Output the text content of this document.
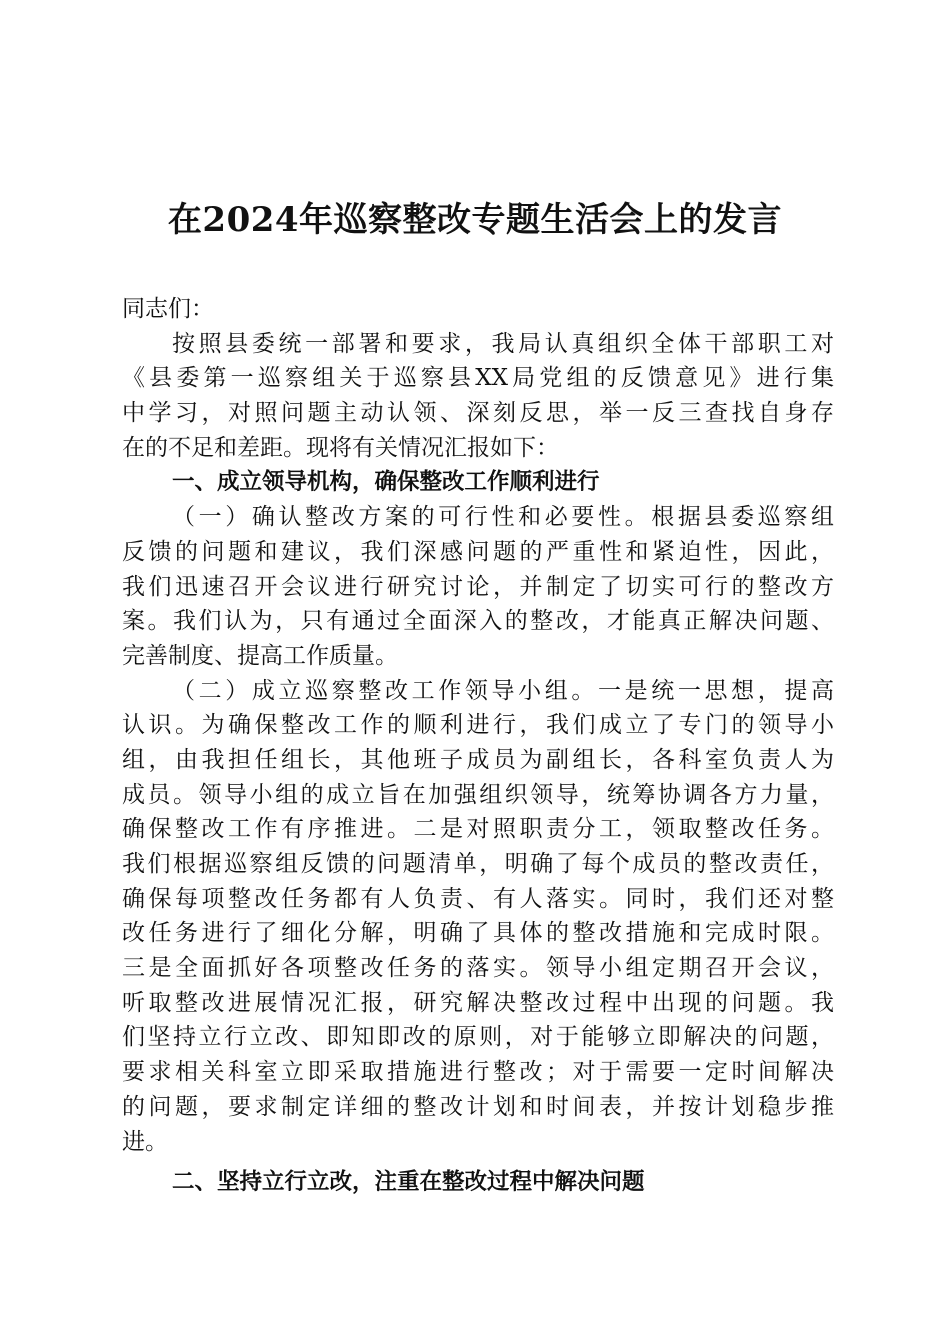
在2024年巡察整改专题生活会上的发言
同志们：
按照县委统一部署和要求，我局认真组织全体干部职工对
《县委第一巡察组关于巡察县XX局党组的反馈意见》进行集
中学习，对照问题主动认领、深刻反思，举一反三查找自身存
在的不足和差距。现将有关情况汇报如下：
一、成立领导机构，确保整改工作顺利进行
（一）确认整改方案的可行性和必要性。根据县委巡察组
反馈的问题和建议，我们深感问题的严重性和紧迫性，因此，
我们迅速召开会议进行研究讨论，并制定了切实可行的整改方
案。我们认为，只有通过全面深入的整改，才能真正解决问题、
完善制度、提高工作质量。
（二）成立巡察整改工作领导小组。一是统一思想，提高
认识。为确保整改工作的顺利进行，我们成立了专门的领导小
组，由我担任组长，其他班子成员为副组长，各科室负责人为
成员。领导小组的成立旨在加强组织领导，统筹协调各方力量，
确保整改工作有序推进。二是对照职责分工，领取整改任务。
我们根据巡察组反馈的问题清单，明确了每个成员的整改责任，
确保每项整改任务都有人负责、有人落实。同时，我们还对整
改任务进行了细化分解，明确了具体的整改措施和完成时限。
三是全面抓好各项整改任务的落实。领导小组定期召开会议，
听取整改进展情况汇报，研究解决整改过程中出现的问题。我
们坚持立行立改、即知即改的原则，对于能够立即解决的问题，
要求相关科室立即采取措施进行整改；对于需要一定时间解决
的问题，要求制定详细的整改计划和时间表，并按计划稳步推
进。
二、坚持立行立改，注重在整改过程中解决问题
